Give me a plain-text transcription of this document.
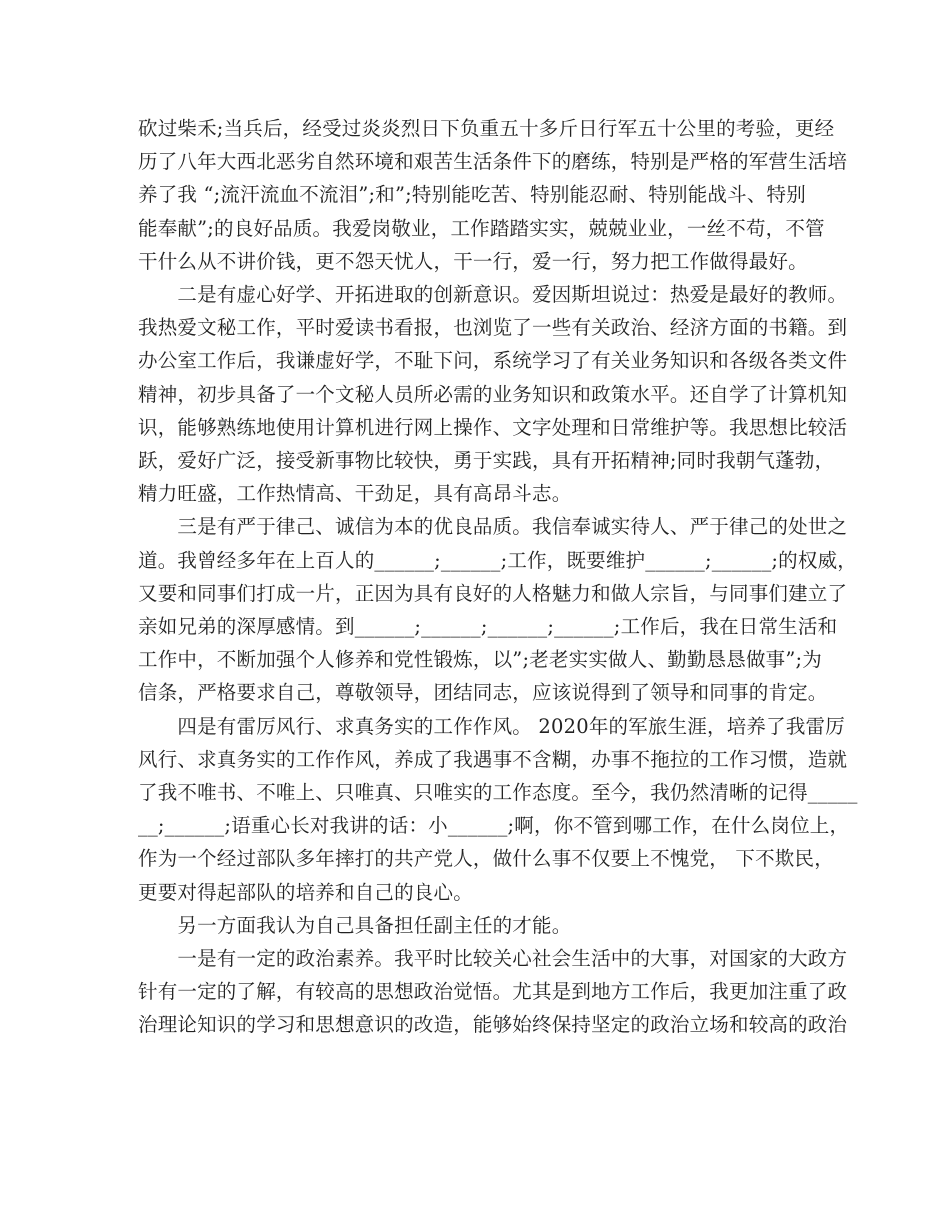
砍过柴禾;当兵后，经受过炎炎烈日下负重五十多斤日行军五十公里的考验，更经
历了八年大西北恶劣自然环境和艰苦生活条件下的磨练，特别是严格的军营生活培
养了我 “;流汗流血不流泪”;和”;特别能吃苦、特别能忍耐、特别能战斗、特别
能奉献”;的良好品质。我爱岗敬业，工作踏踏实实，兢兢业业，一丝不苟，不管
干什么从不讲价钱，更不怨天忧人，干一行，爱一行，努力把工作做得最好。
　　二是有虚心好学、开拓进取的创新意识。爱因斯坦说过：热爱是最好的教师。
我热爱文秘工作，平时爱读书看报，也浏览了一些有关政治、经济方面的书籍。到
办公室工作后，我谦虚好学，不耻下问，系统学习了有关业务知识和各级各类文件
精神，初步具备了一个文秘人员所必需的业务知识和政策水平。还自学了计算机知
识，能够熟练地使用计算机进行网上操作、文字处理和日常维护等。我思想比较活
跃，爱好广泛，接受新事物比较快，勇于实践，具有开拓精神;同时我朝气蓬勃，
精力旺盛，工作热情高、干劲足，具有高昂斗志。
　　三是有严于律己、诚信为本的优良品质。我信奉诚实待人、严于律己的处世之
道。我曾经多年在上百人的______;______;工作，既要维护______;______;的权威，
又要和同事们打成一片，正因为具有良好的人格魅力和做人宗旨，与同事们建立了
亲如兄弟的深厚感情。到______;______;______;______;工作后，我在日常生活和
工作中，不断加强个人修养和党性锻炼，以”;老老实实做人、勤勤恳恳做事”;为
信条，严格要求自己，尊敬领导，团结同志，应该说得到了领导和同事的肯定。
　　四是有雷厉风行、求真务实的工作作风。 2020年的军旅生涯，培养了我雷厉
风行、求真务实的工作作风，养成了我遇事不含糊，办事不拖拉的工作习惯，造就
了我不唯书、不唯上、只唯真、只唯实的工作态度。至今，我仍然清晰的记得_____
__;______;语重心长对我讲的话：小______;啊，你不管到哪工作，在什么岗位上，
作为一个经过部队多年摔打的共产党人，做什么事不仅要上不愧党， 下不欺民，
更要对得起部队的培养和自己的良心。
　　另一方面我认为自己具备担任副主任的才能。
　　一是有一定的政治素养。我平时比较关心社会生活中的大事，对国家的大政方
针有一定的了解，有较高的思想政治觉悟。尤其是到地方工作后，我更加注重了政
治理论知识的学习和思想意识的改造，能够始终保持坚定的政治立场和较高的政治
